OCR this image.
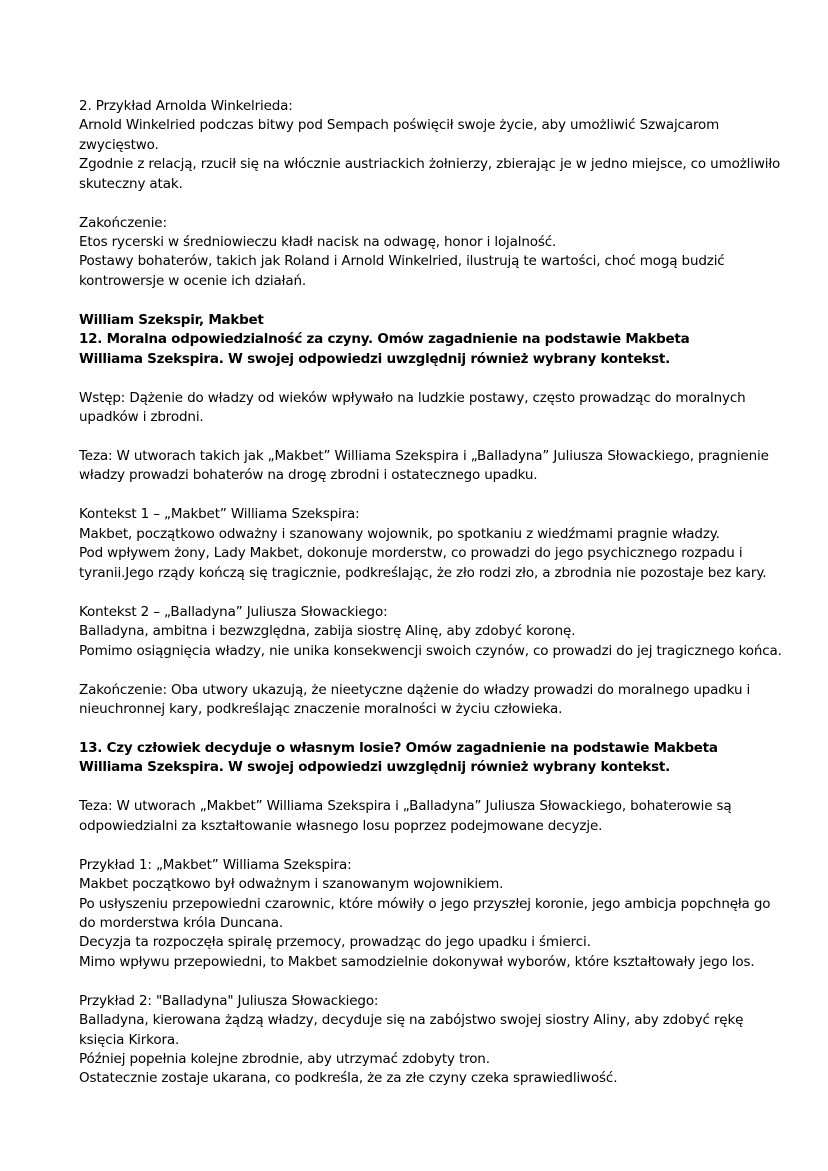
2. Przykład Arnolda Winkelrieda:
Arnold Winkelried podczas bitwy pod Sempach poświęcił swoje życie, aby umożliwić Szwajcarom
zwycięstwo.
Zgodnie z relacją, rzucił się na włócznie austriackich żołnierzy, zbierając je w jedno miejsce, co umożliwiło
skuteczny atak.
Zakończenie:
Etos rycerski w średniowieczu kładł nacisk na odwagę, honor i lojalność.
Postawy bohaterów, takich jak Roland i Arnold Winkelried, ilustrują te wartości, choć mogą budzić
kontrowersje w ocenie ich działań.
William Szekspir, Makbet
12. Moralna odpowiedzialność za czyny. Omów zagadnienie na podstawie Makbeta
Williama Szekspira. W swojej odpowiedzi uwzględnij również wybrany kontekst.
Wstęp: Dążenie do władzy od wieków wpływało na ludzkie postawy, często prowadząc do moralnych
upadków i zbrodni.
Teza: W utworach takich jak „Makbet” Williama Szekspira i „Balladyna” Juliusza Słowackiego, pragnienie
władzy prowadzi bohaterów na drogę zbrodni i ostatecznego upadku.
Kontekst 1 – „Makbet” Williama Szekspira:
Makbet, początkowo odważny i szanowany wojownik, po spotkaniu z wiedźmami pragnie władzy.
Pod wpływem żony, Lady Makbet, dokonuje morderstw, co prowadzi do jego psychicznego rozpadu i
tyranii.Jego rządy kończą się tragicznie, podkreślając, że zło rodzi zło, a zbrodnia nie pozostaje bez kary.
Kontekst 2 – „Balladyna” Juliusza Słowackiego:
Balladyna, ambitna i bezwzględna, zabija siostrę Alinę, aby zdobyć koronę.
Pomimo osiągnięcia władzy, nie unika konsekwencji swoich czynów, co prowadzi do jej tragicznego końca.
Zakończenie: Oba utwory ukazują, że nieetyczne dążenie do władzy prowadzi do moralnego upadku i
nieuchronnej kary, podkreślając znaczenie moralności w życiu człowieka.
13. Czy człowiek decyduje o własnym losie? Omów zagadnienie na podstawie Makbeta
Williama Szekspira. W swojej odpowiedzi uwzględnij również wybrany kontekst.
Teza: W utworach „Makbet” Williama Szekspira i „Balladyna” Juliusza Słowackiego, bohaterowie są
odpowiedzialni za kształtowanie własnego losu poprzez podejmowane decyzje.
Przykład 1: „Makbet” Williama Szekspira:
Makbet początkowo był odważnym i szanowanym wojownikiem.
Po usłyszeniu przepowiedni czarownic, które mówiły o jego przyszłej koronie, jego ambicja popchnęła go
do morderstwa króla Duncana.
Decyzja ta rozpoczęła spiralę przemocy, prowadząc do jego upadku i śmierci.
Mimo wpływu przepowiedni, to Makbet samodzielnie dokonywał wyborów, które kształtowały jego los.
Przykład 2: "Balladyna" Juliusza Słowackiego:
Balladyna, kierowana żądzą władzy, decyduje się na zabójstwo swojej siostry Aliny, aby zdobyć rękę
księcia Kirkora.
Później popełnia kolejne zbrodnie, aby utrzymać zdobyty tron.
Ostatecznie zostaje ukarana, co podkreśla, że za złe czyny czeka sprawiedliwość.
